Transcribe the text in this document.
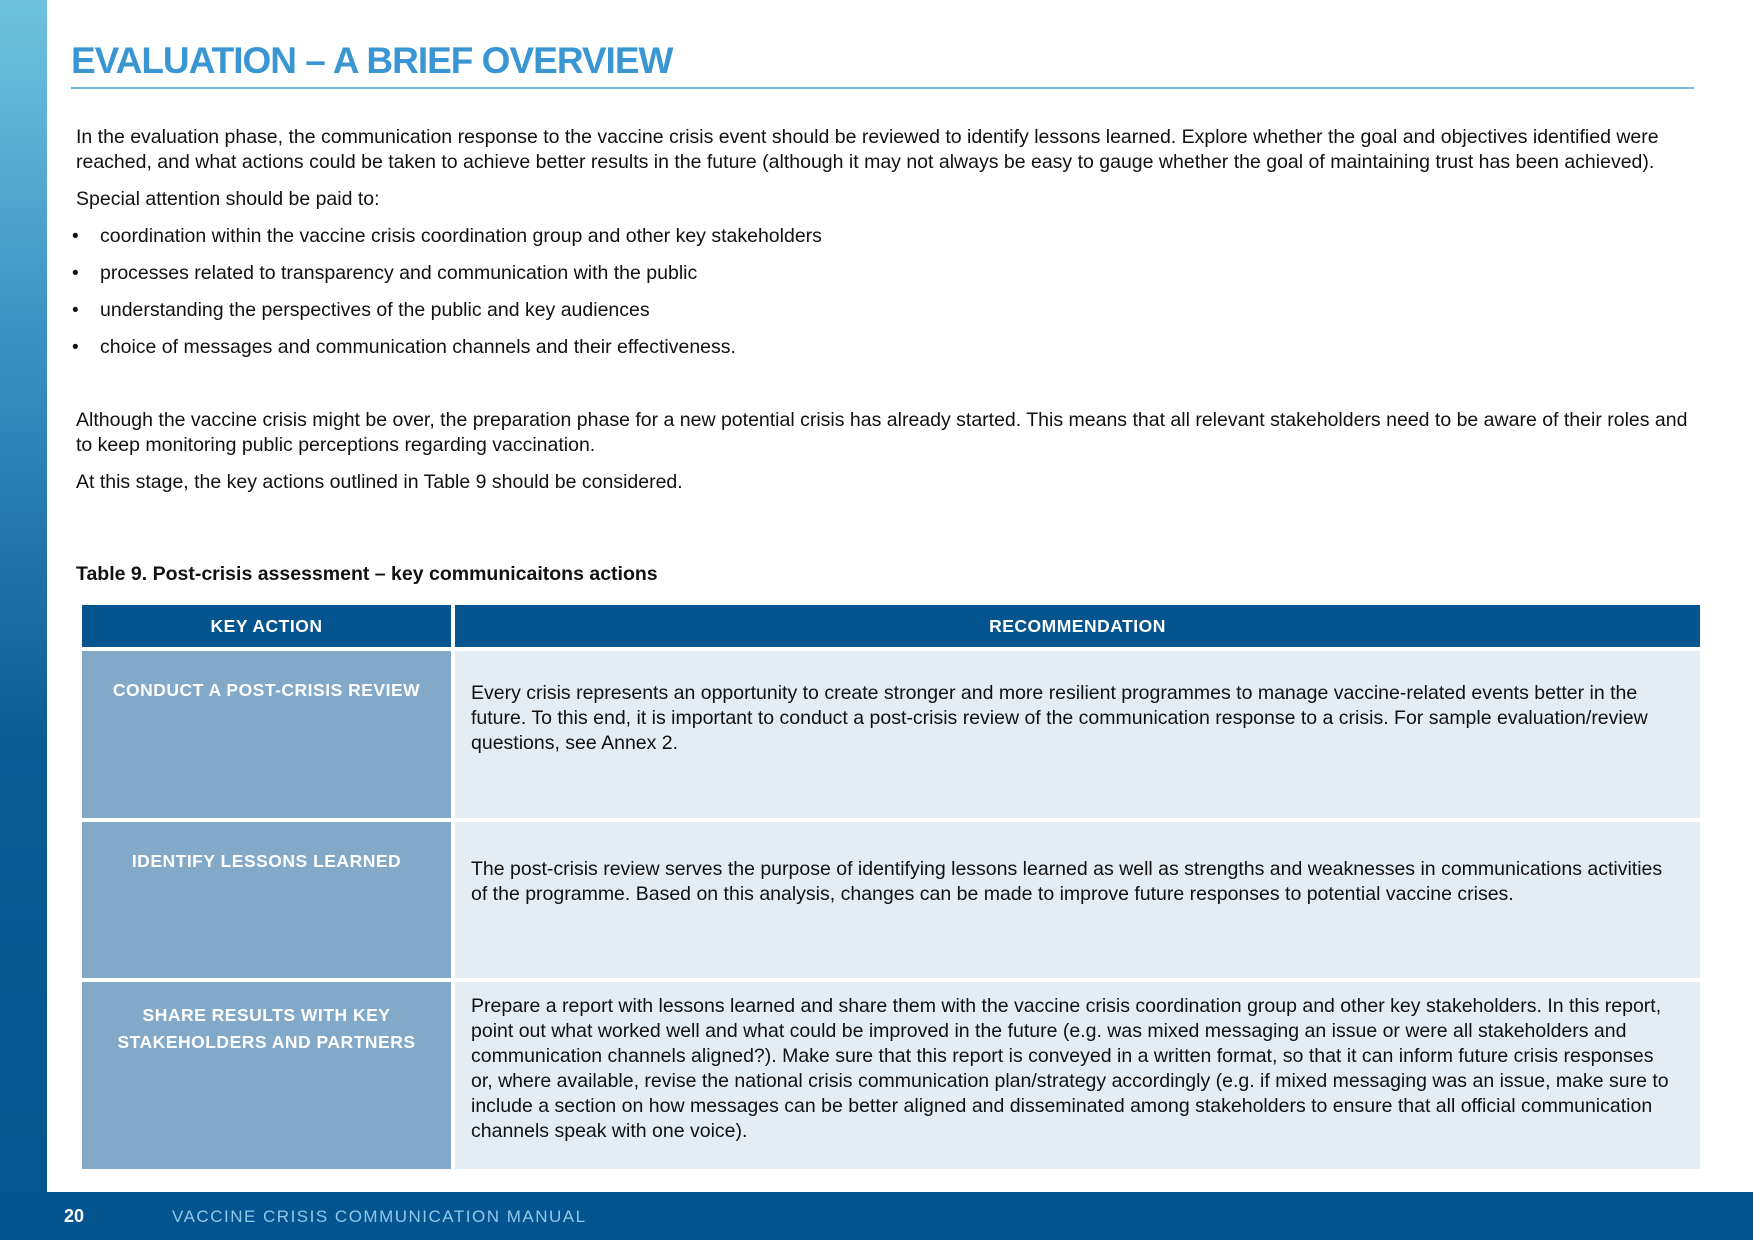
EVALUATION – A BRIEF OVERVIEW

In the evaluation phase, the communication response to the vaccine crisis event should be reviewed to identify lessons learned. Explore whether the goal and objectives identified were reached, and what actions could be taken to achieve better results in the future (although it may not always be easy to gauge whether the goal of maintaining trust has been achieved).

Special attention should be paid to:

• coordination within the vaccine crisis coordination group and other key stakeholders
• processes related to transparency and communication with the public
• understanding the perspectives of the public and key audiences
• choice of messages and communication channels and their effectiveness.

Although the vaccine crisis might be over, the preparation phase for a new potential crisis has already started. This means that all relevant stakeholders need to be aware of their roles and to keep monitoring public perceptions regarding vaccination.

At this stage, the key actions outlined in Table 9 should be considered.

Table 9. Post-crisis assessment – key communicaitons actions
KEY ACTION	RECOMMENDATION
CONDUCT A POST-CRISIS REVIEW	Every crisis represents an opportunity to create stronger and more resilient programmes to manage vaccine-related events better in the future. To this end, it is important to conduct a post-crisis review of the communication response to a crisis. For sample evaluation/review questions, see Annex 2.
IDENTIFY LESSONS LEARNED	The post-crisis review serves the purpose of identifying lessons learned as well as strengths and weaknesses in communications activities of the programme. Based on this analysis, changes can be made to improve future responses to potential vaccine crises.
SHARE RESULTS WITH KEY STAKEHOLDERS AND PARTNERS	Prepare a report with lessons learned and share them with the vaccine crisis coordination group and other key stakeholders. In this report, point out what worked well and what could be improved in the future (e.g. was mixed messaging an issue or were all stakeholders and communication channels aligned?). Make sure that this report is conveyed in a written format, so that it can inform future crisis responses or, where available, revise the national crisis communication plan/strategy accordingly (e.g. if mixed messaging was an issue, make sure to include a section on how messages can be better aligned and disseminated among stakeholders to ensure that all official communication channels speak with one voice).
20	VACCINE CRISIS COMMUNICATION MANUAL
